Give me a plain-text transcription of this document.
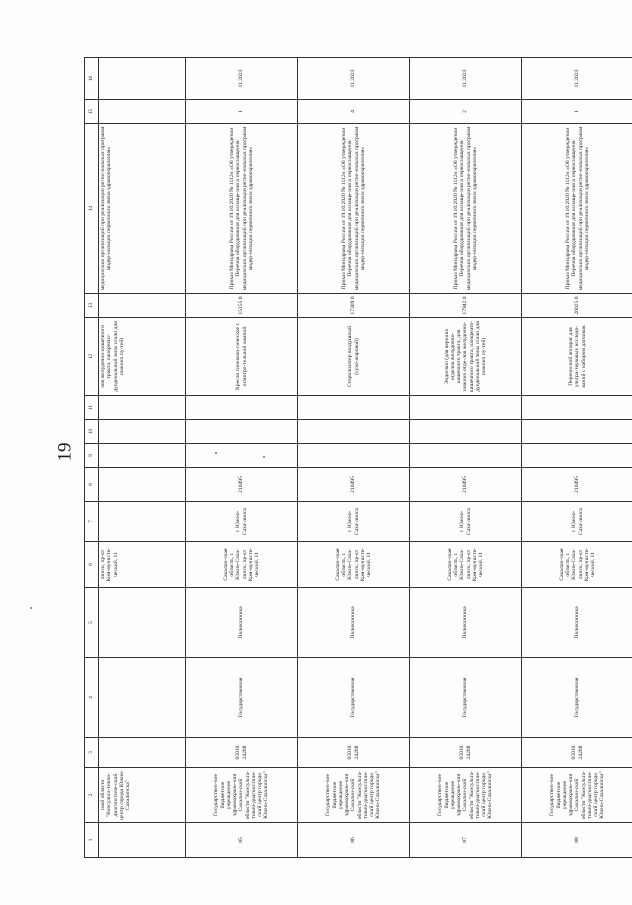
19
1	2	3	4	5	6	7	8	9	10	11	12	13	14	15	16
	ской области "Консульта-тивно-диагностиче-ский центр города Южно-Сахалинска"				линск, пр-кт Ком-мунисти-ческий, 11						лоя желудочно-кишечного тракта, панкреато-дуоденальной зоны и/или для нижних пу-тей)		медицинских организаций при реализации регио-нальных программ модер-низации первичного звена здравоохранения»		
85	Государствен-ное бюджетное учреждение здравоохране-ния Сахалин-ской области "Консульта-тивно-диагностиче-ский центр города Южно-Сахалинска"	65010 24268	Государственная	Поликлиника	Сахалин-ская область, г. Южно-Саха-линск, пр-кт Ком-мунисти-ческий, 11	г. Южно-Саха-линск	210495				Кресло гинеколо-гическое с осмотро-тельной лампой	15155 0	Приказ Минздрава России от 19.10.2020 № 1112н «Об утверждении Перечня оборудования для оснаще-ния и переоснащения медицинских организаций при реализации регио-нальных программ модер-низации первичного звена здравоохранения»	1	11.2023
86	Государствен-ное бюджетное учреждение здравоохране-ния Сахалин-ской области "Консульта-тивно-диагностиче-ский центр города Южно-Сахалинска"	65010 24268	Государственная	Поликлиника	Сахалин-ская область, г. Южно-Саха-линск, пр-кт Ком-мунисти-ческий, 11	г. Южно-Саха-линск	210495				Стерилизатор воздушный (сухо-жаровой)	17309 0	Приказ Минздрава России от 19.10.2020 № 1112н «Об утверждении Перечня оборудования для оснаще-ния и переоснащения медицинских организаций при реализации регио-нальных программ модер-низации первичного звена здравоохранения»	4	11.2023
87	Государствен-ное бюджетное учреждение здравоохране-ния Сахалин-ской области "Консульта-тивно-диагностиче-ский центр города Южно-Сахалинска"	65010 24268	Государственная	Поликлиника	Сахалин-ская область, г. Южно-Саха-линск, пр-кт Ком-мунисти-ческий, 11	г. Южно-Саха-линск	210495				Эндоскоп (для верхних отделов желудочно-кишечного тракта, для нижних отде-лов желудочно-кишечного тракта, панкреато-дуоденальной зоны и/или для нижних пу-тей)	17942 0	Приказ Минздрава России от 19.10.2020 № 1112н «Об утверждении Перечня оборудования для оснаще-ния и переоснащения медицинских организаций при реализации регио-нальных программ модер-низации первичного звена здравоохранения»	2	11.2023
88	Государствен-ное бюджетное учреждение здравоохране-ния Сахалин-ской области "Консульта-тивно-диагностиче-ский центр города Южно-Сахалинска"	65010 24268	Государственная	Поликлиника	Сахалин-ская область, г. Южно-Саха-линск, пр-кт Ком-мунисти-ческий, 11	г. Южно-Саха-линск	210495				Переносной аппарат для ультра-звуковых исследо-ваний с набором датчиков	26025 0	Приказ Минздрава России от 19.10.2020 № 1112н «Об утверждении Перечня оборудования для оснаще-ния и переоснащения медицинских организаций при реализации регио-нальных программ модер-низации первичного звена здравоохранения»	1	11.2023
